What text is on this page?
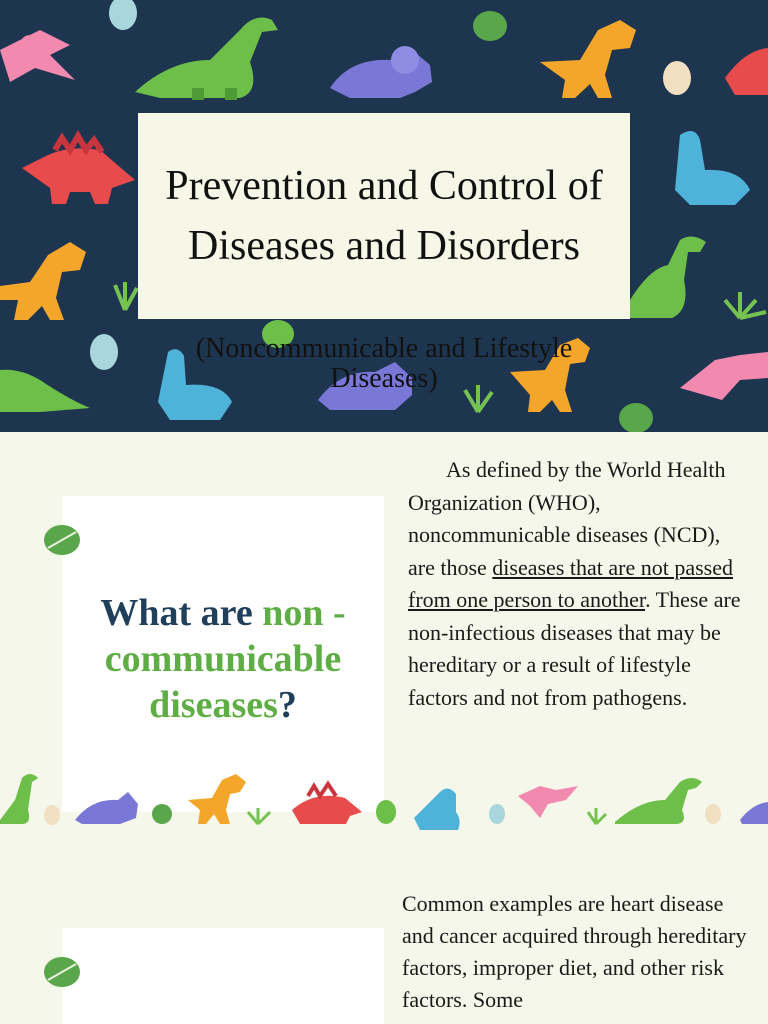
Prevention and Control of Diseases and Disorders
(Noncommunicable and Lifestyle Diseases)
What are non -communicable diseases?
As defined by the World Health Organization (WHO), noncommunicable diseases (NCD), are those diseases that are not passed from one person to another. These are non-infectious diseases that may be hereditary or a result of lifestyle factors and not from pathogens.
Common examples are heart disease and cancer acquired through hereditary factors, improper diet, and other risk factors. Some
